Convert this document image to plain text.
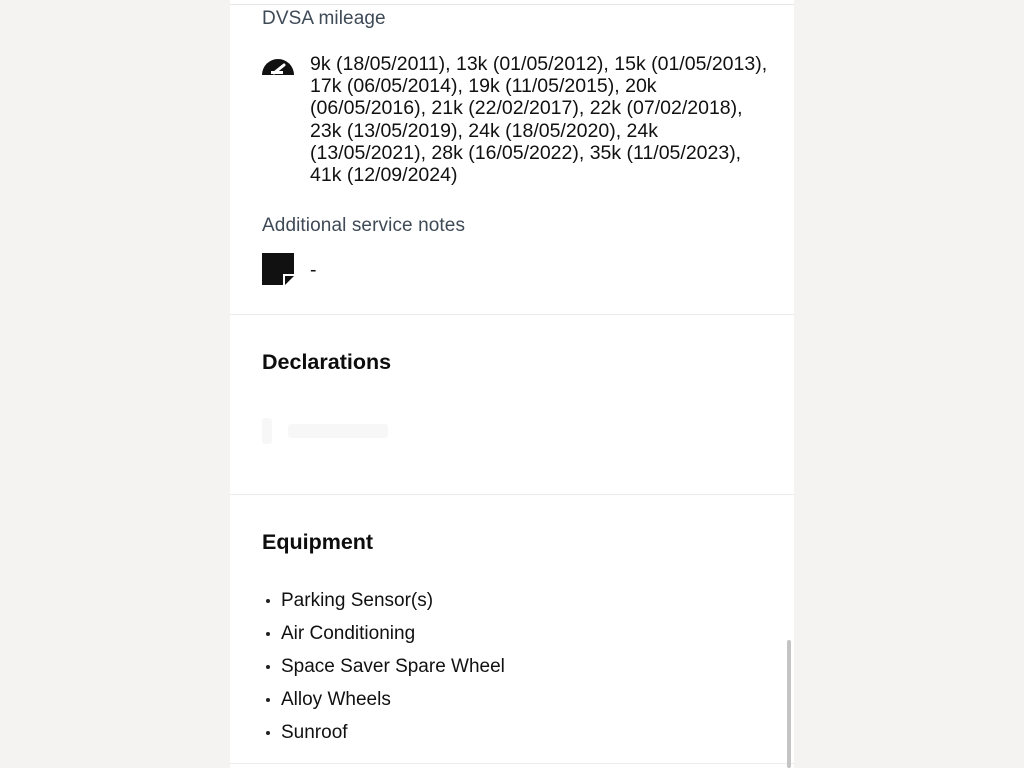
DVSA mileage
9k (18/05/2011), 13k (01/05/2012), 15k (01/05/2013), 17k (06/05/2014), 19k (11/05/2015), 20k (06/05/2016), 21k (22/02/2017), 22k (07/02/2018), 23k (13/05/2019), 24k (18/05/2020), 24k (13/05/2021), 28k (16/05/2022), 35k (11/05/2023), 41k (12/09/2024)
Additional service notes
-
Declarations
Equipment
Parking Sensor(s)
Air Conditioning
Space Saver Spare Wheel
Alloy Wheels
Sunroof
